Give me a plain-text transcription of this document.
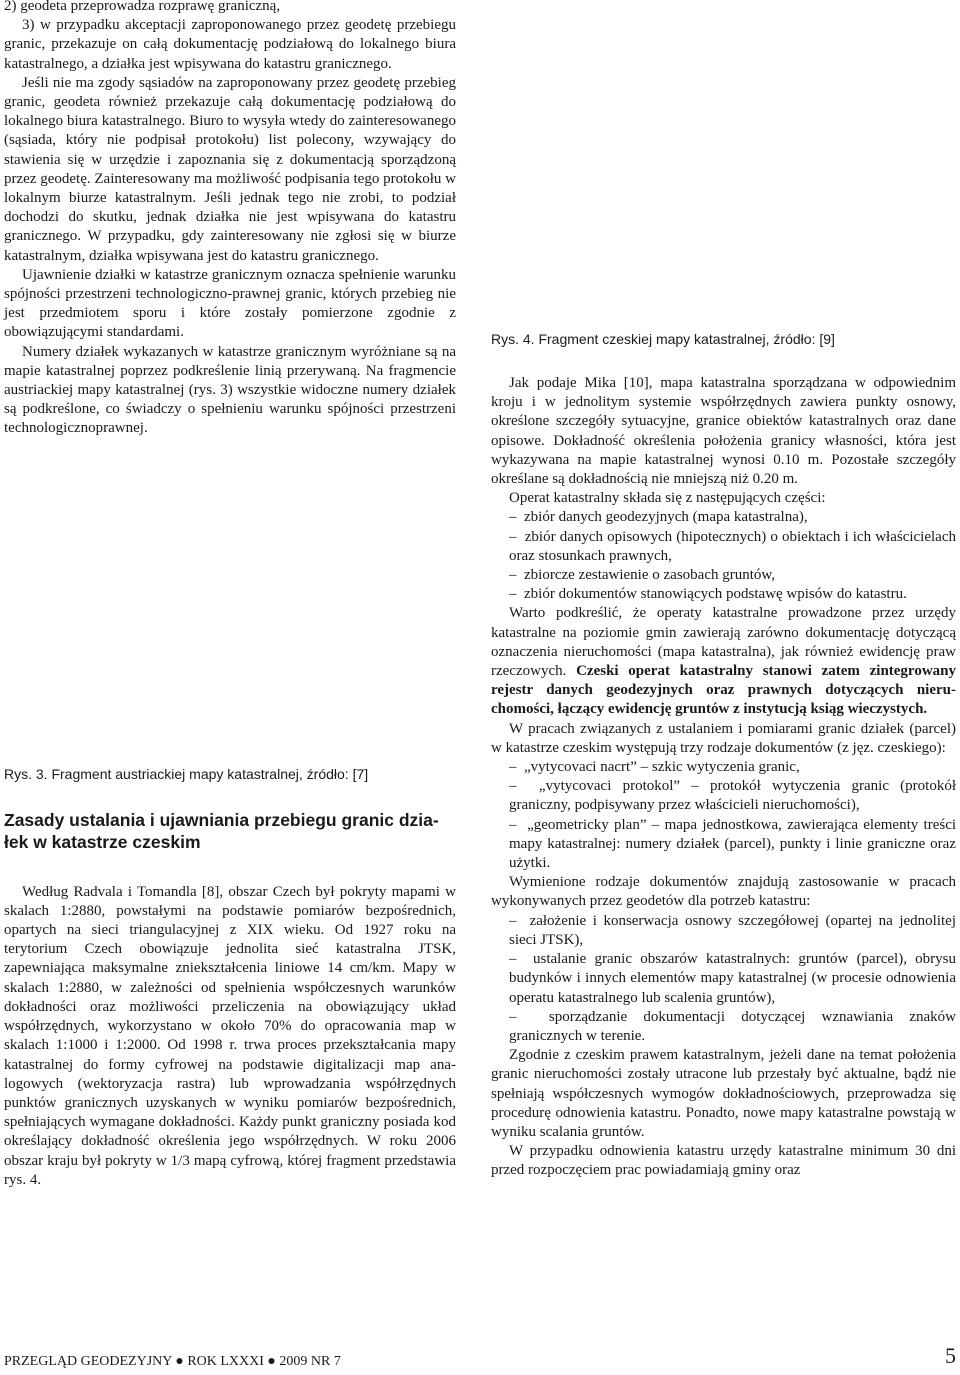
2) geodeta przeprowadza rozprawę graniczną,

3) w przypadku akceptacji zaproponowanego przez geodetę przebiegu granic, przekazuje on całą dokumentację podziałową do lokalnego biura katastralnego, a działka jest wpisywana do katastru granicznego.

Jeśli nie ma zgody sąsiadów na zaproponowany przez geodetę przebieg granic, geodeta również przekazuje całą dokumentację podziałową do lokalnego biura katastralnego. Biuro to wysyła wtedy do zainteresowanego (sąsiada, który nie podpisał protokołu) list polecony, wzywający do stawienia się w urzędzie i zapoznania się z dokumentacją sporządzoną przez geodetę. Zainteresowany ma możliwość podpisania tego protokołu w lokalnym biurze katastralnym. Jeśli jednak tego nie zrobi, to podział dochodzi do skutku, jednak działka nie jest wpisywana do katastru granicznego. W przypadku, gdy zainteresowany nie zgłosi się w biurze katastralnym, działka wpisywana jest do katastru granicznego.

Ujawnienie działki w katastrze granicznym oznacza spełnienie warunku spójności przestrzeni technologiczno-prawnej granic, których przebieg nie jest przedmiotem sporu i które zostały pomierzone zgodnie z obowiązującymi standardami.

Numery działek wykazanych w katastrze granicznym wyróżniane są na mapie katastralnej poprzez podkreślenie linią przerywaną. Na fragmencie austriackiej mapy katastralnej (rys. 3) wszystkie widoczne numery działek są podkreślone, co świadczy o spełnieniu warunku spójności przestrzeni technologicznoprawnej.

Rys. 3. Fragment austriackiej mapy katastralnej, źródło: [7]

Zasady ustalania i ujawniania przebiegu granic działek w katastrze czeskim

Według Radvala i Tomandla [8], obszar Czech był pokryty mapami w skalach 1:2880, powstałymi na podstawie pomiarów bezpośrednich, opartych na sieci triangulacyjnej z XIX wieku. Od 1927 roku na terytorium Czech obowiązuje jednolita sieć katastralna JTSK, zapewniająca maksymalne zniekształcenia liniowe 14 cm/km. Mapy w skalach 1:2880, w zależności od spełnienia współczesnych warunków dokładności oraz możliwości przeliczenia na obowiązujący układ współrzędnych, wykorzystano w około 70% do opracowania map w skalach 1:1000 i 1:2000. Od 1998 r. trwa proces przekształcania mapy katastralnej do formy cyfrowej na podstawie digitalizacji map analogowych (wektoryzacja rastra) lub wprowadzania współrzędnych punktów granicznych uzyskanych w wyniku pomiarów bezpośrednich, spełniających wymagane dokładności. Każdy punkt graniczny posiada kod określający dokładność określenia jego współrzędnych. W roku 2006 obszar kraju był pokryty w 1/3 mapą cyfrową, której fragment przedstawia rys. 4.

Rys. 4. Fragment czeskiej mapy katastralnej, źródło: [9]

Jak podaje Mika [10], mapa katastralna sporządzana w odpowiednim kroju i w jednolitym systemie współrzędnych zawiera punkty osnowy, określone szczegóły sytuacyjne, granice obiektów katastralnych oraz dane opisowe. Dokładność określenia położenia granicy własności, która jest wykazywana na mapie katastralnej wynosi 0.10 m. Pozostałe szczegóły określane są dokładnością nie mniejszą niż 0.20 m.

Operat katastralny składa się z następujących części:

–  zbiór danych geodezyjnych (mapa katastralna),

–  zbiór danych opisowych (hipotecznych) o obiektach i ich właścicielach oraz stosunkach prawnych,

–  zbiorcze zestawienie o zasobach gruntów,

–  zbiór dokumentów stanowiących podstawę wpisów do katastru.

Warto podkreślić, że operaty katastralne prowadzone przez urzędy katastralne na poziomie gmin zawierają zarówno dokumentację dotyczącą oznaczenia nieruchomości (mapa katastralna), jak również ewidencję praw rzeczowych. Czeski operat katastralny stanowi zatem zintegrowany rejestr danych geodezyjnych oraz prawnych dotyczących nieruchomości, łączący ewidencję gruntów z instytucją ksiąg wieczystych.

W pracach związanych z ustalaniem i pomiarami granic działek (parcel) w katastrze czeskim występują trzy rodzaje dokumentów (z jęz. czeskiego):

–  „vytycovaci nacrt” – szkic wytyczenia granic,

–  „vytycovaci protokol” – protokół wytyczenia granic (protokół graniczny, podpisywany przez właścicieli nieruchomości),

–  „geometricky plan” – mapa jednostkowa, zawierająca elementy treści mapy katastralnej: numery działek (parcel), punkty i linie graniczne oraz użytki.

Wymienione rodzaje dokumentów znajdują zastosowanie w pracach wykonywanych przez geodetów dla potrzeb katastru:

–  założenie i konserwacja osnowy szczegółowej (opartej na jednolitej sieci JTSK),

–  ustalanie granic obszarów katastralnych: gruntów (parcel), obrysu budynków i innych elementów mapy katastralnej (w procesie odnowienia operatu katastralnego lub scalenia gruntów),

–  sporządzanie dokumentacji dotyczącej wznawiania znaków granicznych w terenie.

Zgodnie z czeskim prawem katastralnym, jeżeli dane na temat położenia granic nieruchomości zostały utracone lub przestały być aktualne, bądź nie spełniają współczesnych wymogów dokładnościowych, przeprowadza się procedurę odnowienia katastru. Ponadto, nowe mapy katastralne powstają w wyniku scalania gruntów.

W przypadku odnowienia katastru urzędy katastralne minimum 30 dni przed rozpoczęciem prac powiadamiają gminy oraz

PRZEGLĄD GEODEZYJNY ● ROK LXXXI ● 2009 NR 7	5
